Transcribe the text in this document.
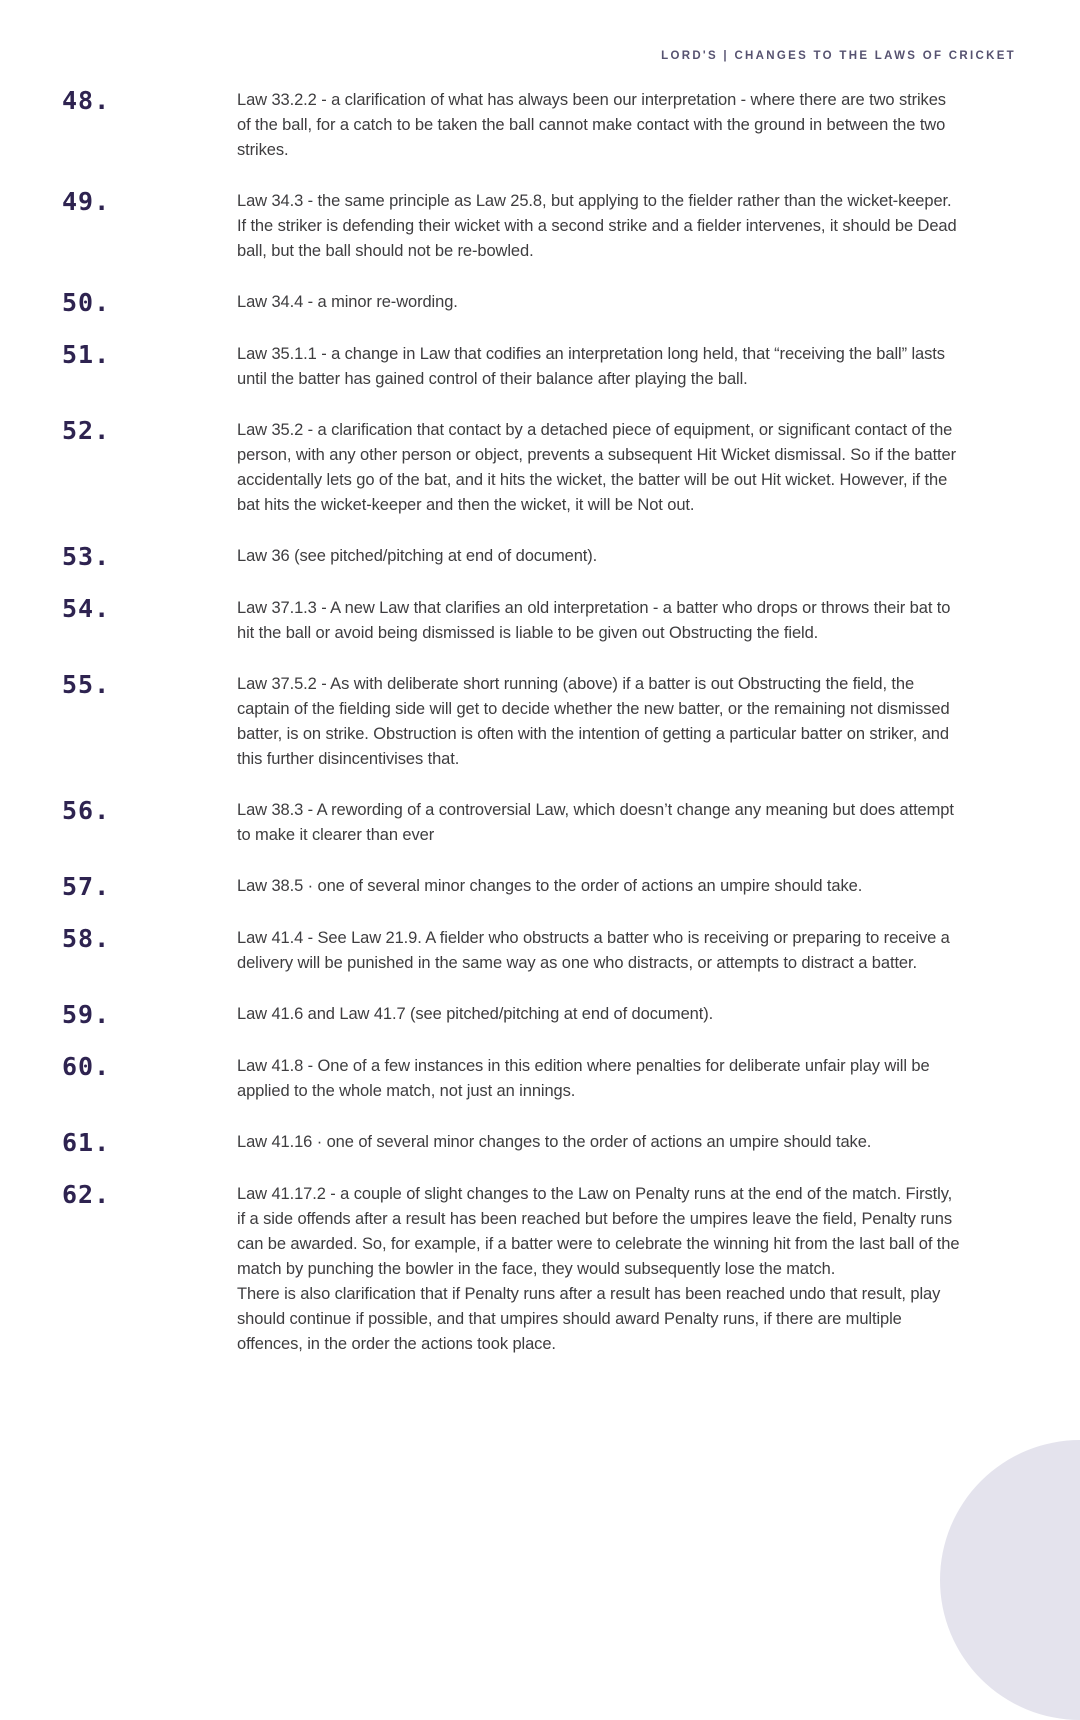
LORD'S | CHANGES TO THE LAWS OF CRICKET
48.	Law 33.2.2 - a clarification of what has always been our interpretation - where there are two strikes of the ball, for a catch to be taken the ball cannot make contact with the ground in between the two strikes.

49.	Law 34.3 - the same principle as Law 25.8, but applying to the fielder rather than the wicket-keeper. If the striker is defending their wicket with a second strike and a fielder intervenes, it should be Dead ball, but the ball should not be re-bowled.

50.	Law 34.4 - a minor re-wording.

51.	Law 35.1.1 - a change in Law that codifies an interpretation long held, that “receiving the ball” lasts until the batter has gained control of their balance after playing the ball.

52.	Law 35.2 - a clarification that contact by a detached piece of equipment, or significant contact of the person, with any other person or object, prevents a subsequent Hit Wicket dismissal. So if the batter accidentally lets go of the bat, and it hits the wicket, the batter will be out Hit wicket. However, if the bat hits the wicket-keeper and then the wicket, it will be Not out.

53.	Law 36 (see pitched/pitching at end of document).

54.	Law 37.1.3 - A new Law that clarifies an old interpretation - a batter who drops or throws their bat to hit the ball or avoid being dismissed is liable to be given out Obstructing the field.

55.	Law 37.5.2 - As with deliberate short running (above) if a batter is out Obstructing the field, the captain of the fielding side will get to decide whether the new batter, or the remaining not dismissed batter, is on strike. Obstruction is often with the intention of getting a particular batter on striker, and this further disincentivises that.

56.	Law 38.3 - A rewording of a controversial Law, which doesn’t change any meaning but does attempt to make it clearer than ever

57.	Law 38.5 · one of several minor changes to the order of actions an umpire should take.

58.	Law 41.4 - See Law 21.9. A fielder who obstructs a batter who is receiving or preparing to receive a delivery will be punished in the same way as one who distracts, or attempts to distract a batter.

59.	Law 41.6 and Law 41.7 (see pitched/pitching at end of document).

60.	Law 41.8 - One of a few instances in this edition where penalties for deliberate unfair play will be applied to the whole match, not just an innings.

61.	Law 41.16 · one of several minor changes to the order of actions an umpire should take.

62.	Law 41.17.2 - a couple of slight changes to the Law on Penalty runs at the end of the match. Firstly, if a side offends after a result has been reached but before the umpires leave the field, Penalty runs can be awarded. So, for example, if a batter were to celebrate the winning hit from the last ball of the match by punching the bowler in the face, they would subsequently lose the match.

There is also clarification that if Penalty runs after a result has been reached undo that result, play should continue if possible, and that umpires should award Penalty runs, if there are multiple offences, in the order the actions took place.
